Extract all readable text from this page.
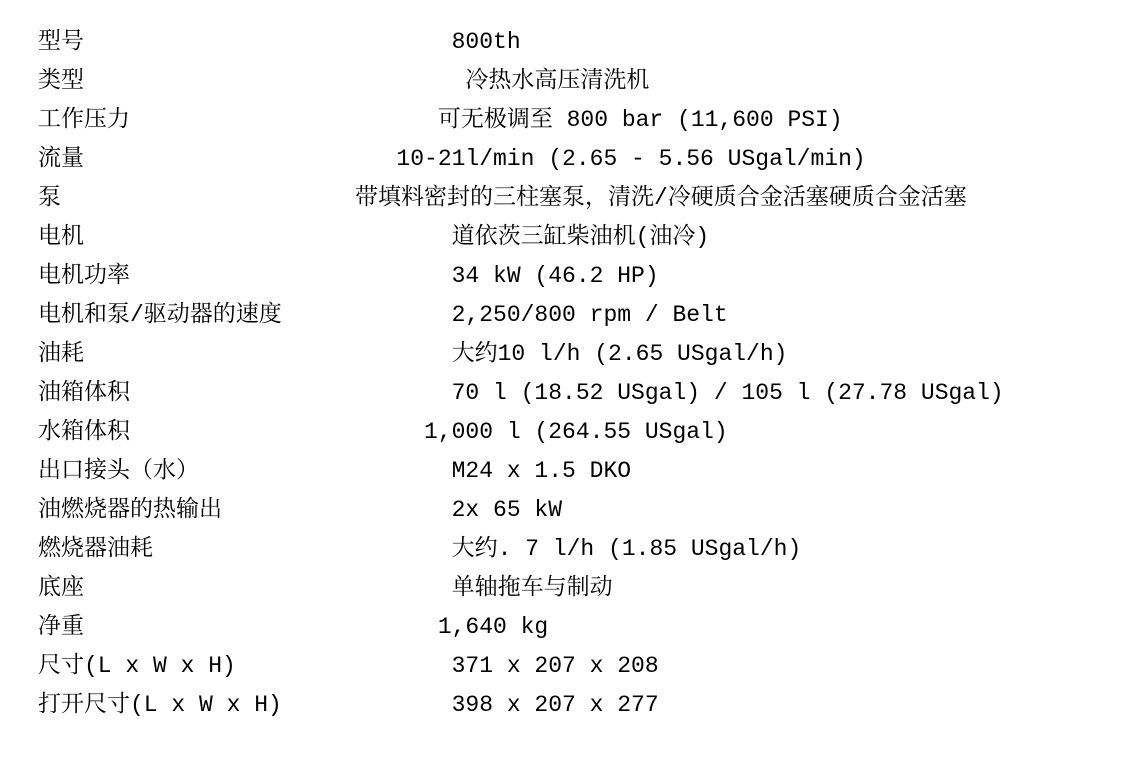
型号	800th
类型	冷热水高压清洗机
工作压力	可无极调至 800 bar (11,600 PSI)
流量	10-21l/min (2.65 - 5.56 USgal/min)
泵	带填料密封的三柱塞泵，清洗/冷硬质合金活塞硬质合金活塞
电机	道依茨三缸柴油机(油冷)
电机功率	34 kW (46.2 HP)
电机和泵/驱动器的速度	2,250/800 rpm / Belt
油耗	大约10 l/h (2.65 USgal/h)
油箱体积	70 l (18.52 USgal) / 105 l (27.78 USgal)
水箱体积	1,000 l (264.55 USgal)
出口接头（水）	M24 x 1.5 DKO
油燃烧器的热输出	2x 65 kW
燃烧器油耗	大约. 7 l/h (1.85 USgal/h)
底座	单轴拖车与制动
净重	1,640 kg
尺寸(L x W x H)	371 x 207 x 208
打开尺寸(L x W x H)	398 x 207 x 277
